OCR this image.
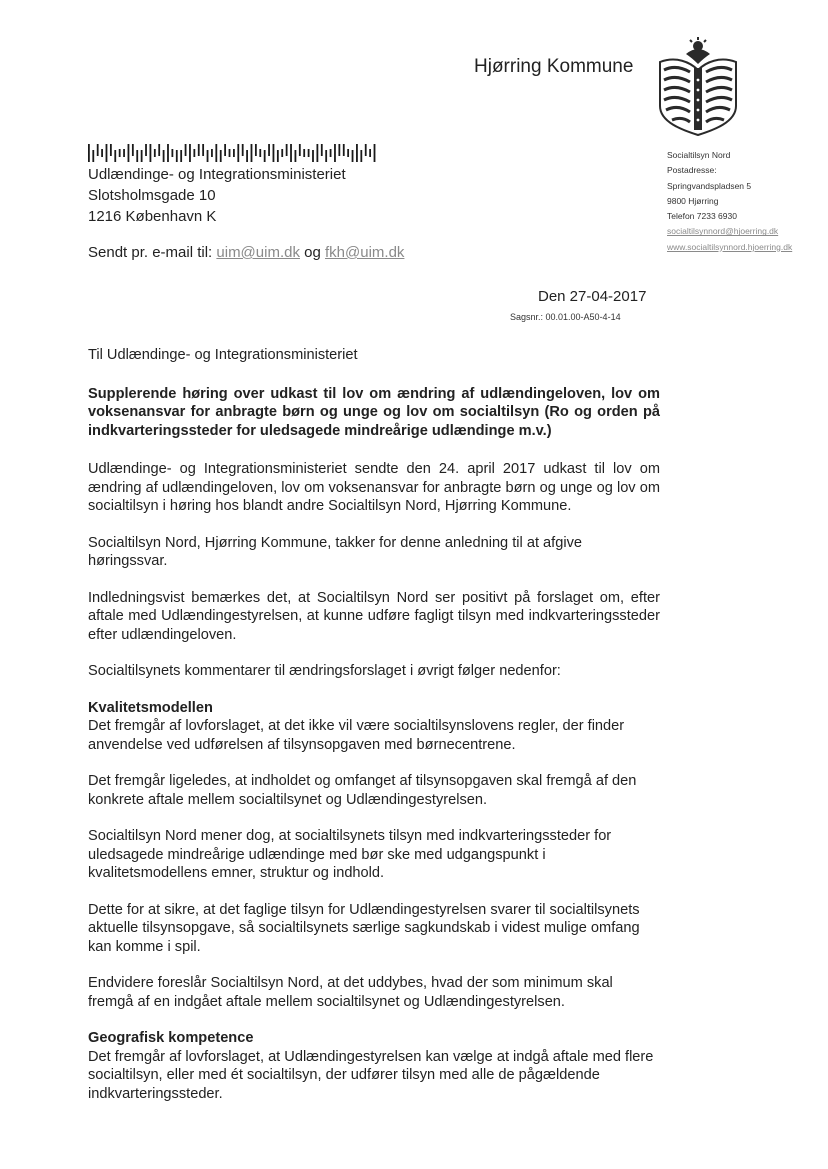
Hjørring Kommune
Udlændinge- og Integrationsministeriet
Slotsholmsgade 10
1216 København K
Sendt pr. e-mail til: uim@uim.dk og fkh@uim.dk
Socialtilsyn Nord
Postadresse:
Springvandspladsen 5
9800 Hjørring
Telefon 7233 6930
socialtilsynnord@hjoerring.dk
www.socialtilsynnord.hjoerring.dk
Den 27-04-2017
Sagsnr.: 00.01.00-A50-4-14

Til Udlændinge- og Integrationsministeriet

Supplerende høring over udkast til lov om ændring af udlændingeloven, lov om voksenansvar for anbragte børn og unge og lov om socialtilsyn (Ro og orden på indkvarteringssteder for uledsagede mindreårige udlændinge m.v.)

Udlændinge- og Integrationsministeriet sendte den 24. april 2017 udkast til lov om ændring af udlændingeloven, lov om voksenansvar for anbragte børn og unge og lov om socialtilsyn i høring hos blandt andre Socialtilsyn Nord, Hjørring Kommune.

Socialtilsyn Nord, Hjørring Kommune, takker for denne anledning til at afgive høringssvar.

Indledningsvist bemærkes det, at Socialtilsyn Nord ser positivt på forslaget om, efter aftale med Udlændingestyrelsen, at kunne udføre fagligt tilsyn med indkvarteringssteder efter udlændingeloven.

Socialtilsynets kommentarer til ændringsforslaget i øvrigt følger nedenfor:

Kvalitetsmodellen

Det fremgår af lovforslaget, at det ikke vil være socialtilsynslovens regler, der finder anvendelse ved udførelsen af tilsynsopgaven med børnecentrene.

Det fremgår ligeledes, at indholdet og omfanget af tilsynsopgaven skal fremgå af den konkrete aftale mellem socialtilsynet og Udlændingestyrelsen.

Socialtilsyn Nord mener dog, at socialtilsynets tilsyn med indkvarteringssteder for uledsagede mindreårige udlændinge med bør ske med udgangspunkt i kvalitetsmodellens emner, struktur og indhold.

Dette for at sikre, at det faglige tilsyn for Udlændingestyrelsen svarer til socialtilsynets aktuelle tilsynsopgave, så socialtilsynets særlige sagkundskab i videst mulige omfang kan komme i spil.

Endvidere foreslår Socialtilsyn Nord, at det uddybes, hvad der som minimum skal fremgå af en indgået aftale mellem socialtilsynet og Udlændingestyrelsen.

Geografisk kompetence

Det fremgår af lovforslaget, at Udlændingestyrelsen kan vælge at indgå aftale med flere socialtilsyn, eller med ét socialtilsyn, der udfører tilsyn med alle de pågældende indkvarteringssteder.
